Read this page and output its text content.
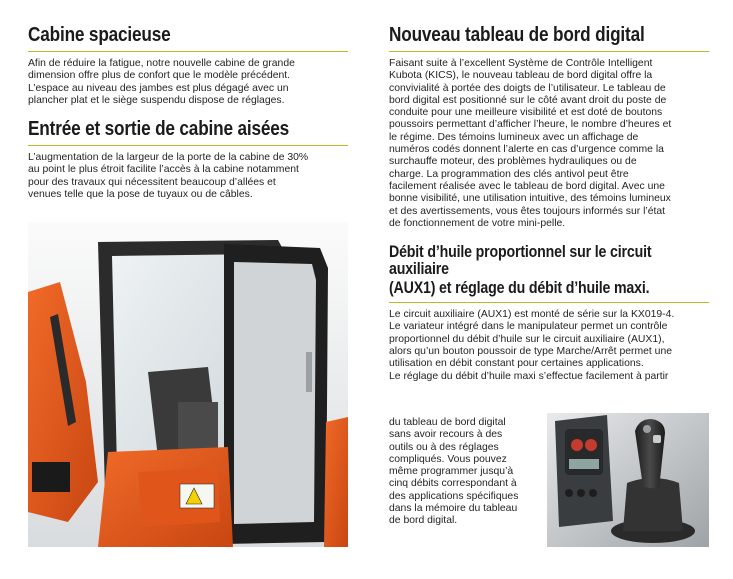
Cabine spacieuse

Afin de réduire la fatigue, notre nouvelle cabine de grande

dimension offre plus de confort que le modèle précédent.

L’espace au niveau des jambes est plus dégagé avec un

plancher plat et le siège suspendu dispose de réglages.

Entrée et sortie de cabine aisées

L’augmentation de la largeur de la porte de la cabine de 30%

au point le plus étroit facilite l’accès à la cabine notamment

pour des travaux qui nécessitent beaucoup d’allées et

venues telle que la pose de tuyaux ou de câbles.

Nouveau tableau de bord digital

Faisant suite à l’excellent Système de Contrôle Intelligent

Kubota (KICS), le nouveau tableau de bord digital offre la

convivialité à portée des doigts de l’utilisateur. Le tableau de

bord digital est positionné sur le côté avant droit du poste de

conduite pour une meilleure visibilité et est doté de boutons

poussoirs permettant d’afficher l’heure, le nombre d’heures et

le régime. Des témoins lumineux avec un affichage de

numéros codés donnent l’alerte en cas d’urgence comme la

surchauffe moteur, des problèmes hydrauliques ou de

charge. La programmation des clés antivol peut être

facilement réalisée avec le tableau de bord digital. Avec une

bonne visibilité, une utilisation intuitive, des témoins lumineux

et des avertissements, vous êtes toujours informés sur l’état

de fonctionnement de votre mini-pelle.

Débit d’huile proportionnel sur le circuit auxiliaire
(AUX1) et réglage du débit d’huile maxi.

Le circuit auxiliaire (AUX1) est monté de série sur la KX019-4.

Le variateur intégré dans le manipulateur permet un contrôle

proportionnel du débit d’huile sur le circuit auxiliaire (AUX1),

alors qu’un bouton poussoir de type Marche/Arrêt permet une

utilisation en débit constant pour certaines applications.

Le réglage du débit d’huile maxi s’effectue facilement à partir

du tableau de bord digital

sans avoir recours à des

outils ou à des réglages

compliqués. Vous pouvez

même programmer jusqu’à

cinq débits correspondant à

des applications spécifiques

dans la mémoire du tableau

de bord digital.
